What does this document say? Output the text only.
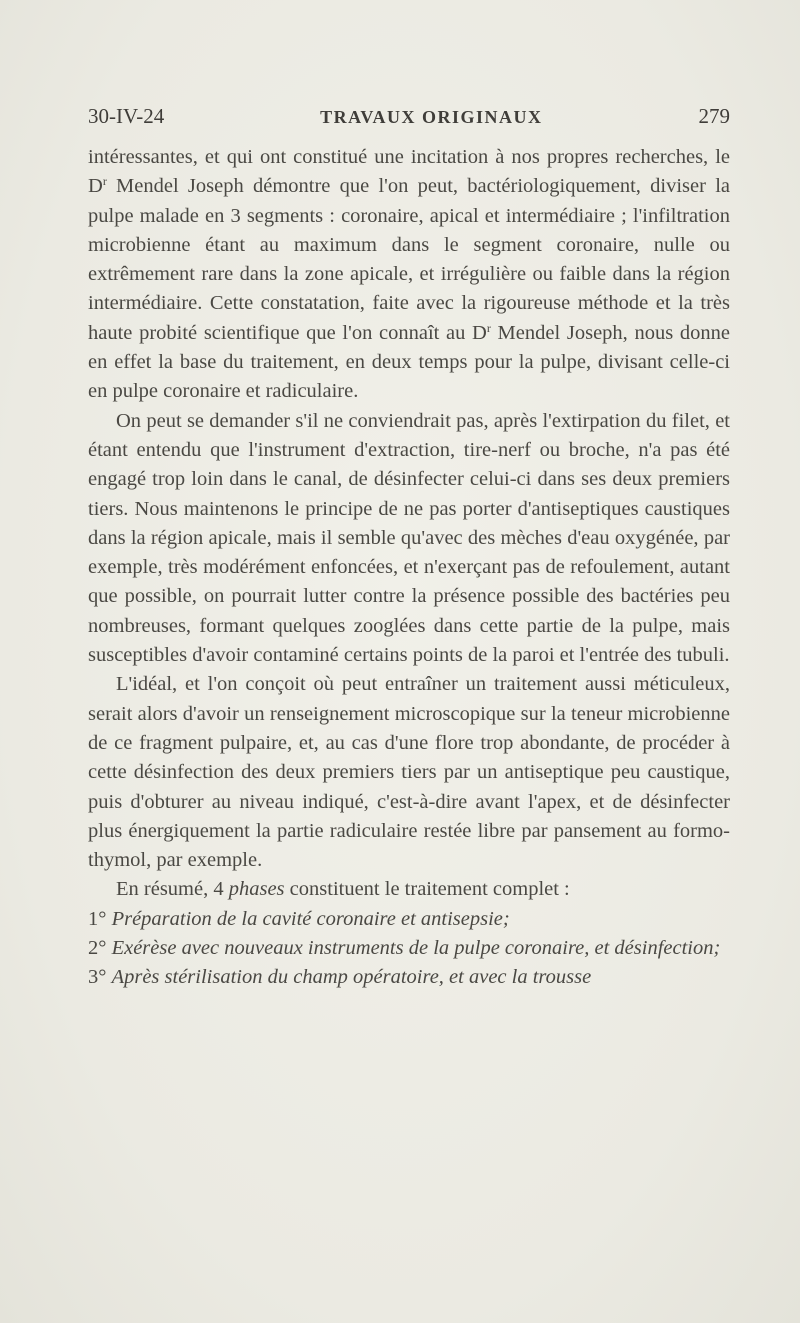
30-IV-24	TRAVAUX ORIGINAUX	279

intéressantes, et qui ont constitué une incitation à nos propres recherches, le $D^r$ Mendel Joseph démontre que l'on peut, bactériologiquement, diviser la pulpe malade en 3 segments : coronaire, apical et intermédiaire ; l'infiltration microbienne étant au maximum dans le segment coronaire, nulle ou extrêmement rare dans la zone apicale, et irrégulière ou faible dans la région intermédiaire. Cette constatation, faite avec la rigoureuse méthode et la très haute probité scientifique que l'on connaît au $D^r$ Mendel Joseph, nous donne en effet la base du traitement, en deux temps pour la pulpe, divisant celle-ci en pulpe coronaire et radiculaire.

On peut se demander s'il ne conviendrait pas, après l'extirpation du filet, et étant entendu que l'instrument d'extraction, tire-nerf ou broche, n'a pas été engagé trop loin dans le canal, de désinfecter celui-ci dans ses deux premiers tiers. Nous maintenons le principe de ne pas porter d'antiseptiques caustiques dans la région apicale, mais il semble qu'avec des mèches d'eau oxygénée, par exemple, très modérément enfoncées, et n'exerçant pas de refoulement, autant que possible, on pourrait lutter contre la présence possible des bactéries peu nombreuses, formant quelques zooglées dans cette partie de la pulpe, mais susceptibles d'avoir contaminé certains points de la paroi et l'entrée des tubuli.

L'idéal, et l'on conçoit où peut entraîner un traitement aussi méticuleux, serait alors d'avoir un renseignement microscopique sur la teneur microbienne de ce fragment pulpaire, et, au cas d'une flore trop abondante, de procéder à cette désinfection des deux premiers tiers par un antiseptique peu caustique, puis d'obturer au niveau indiqué, c'est-à-dire avant l'apex, et de désinfecter plus énergiquement la partie radiculaire restée libre par pansement au formo-thymol, par exemple.

En résumé, 4 phases constituent le traitement complet :

1° Préparation de la cavité coronaire et antisepsie;

2° Exérèse avec nouveaux instruments de la pulpe coronaire, et désinfection;

3° Après stérilisation du champ opératoire, et avec la trousse
